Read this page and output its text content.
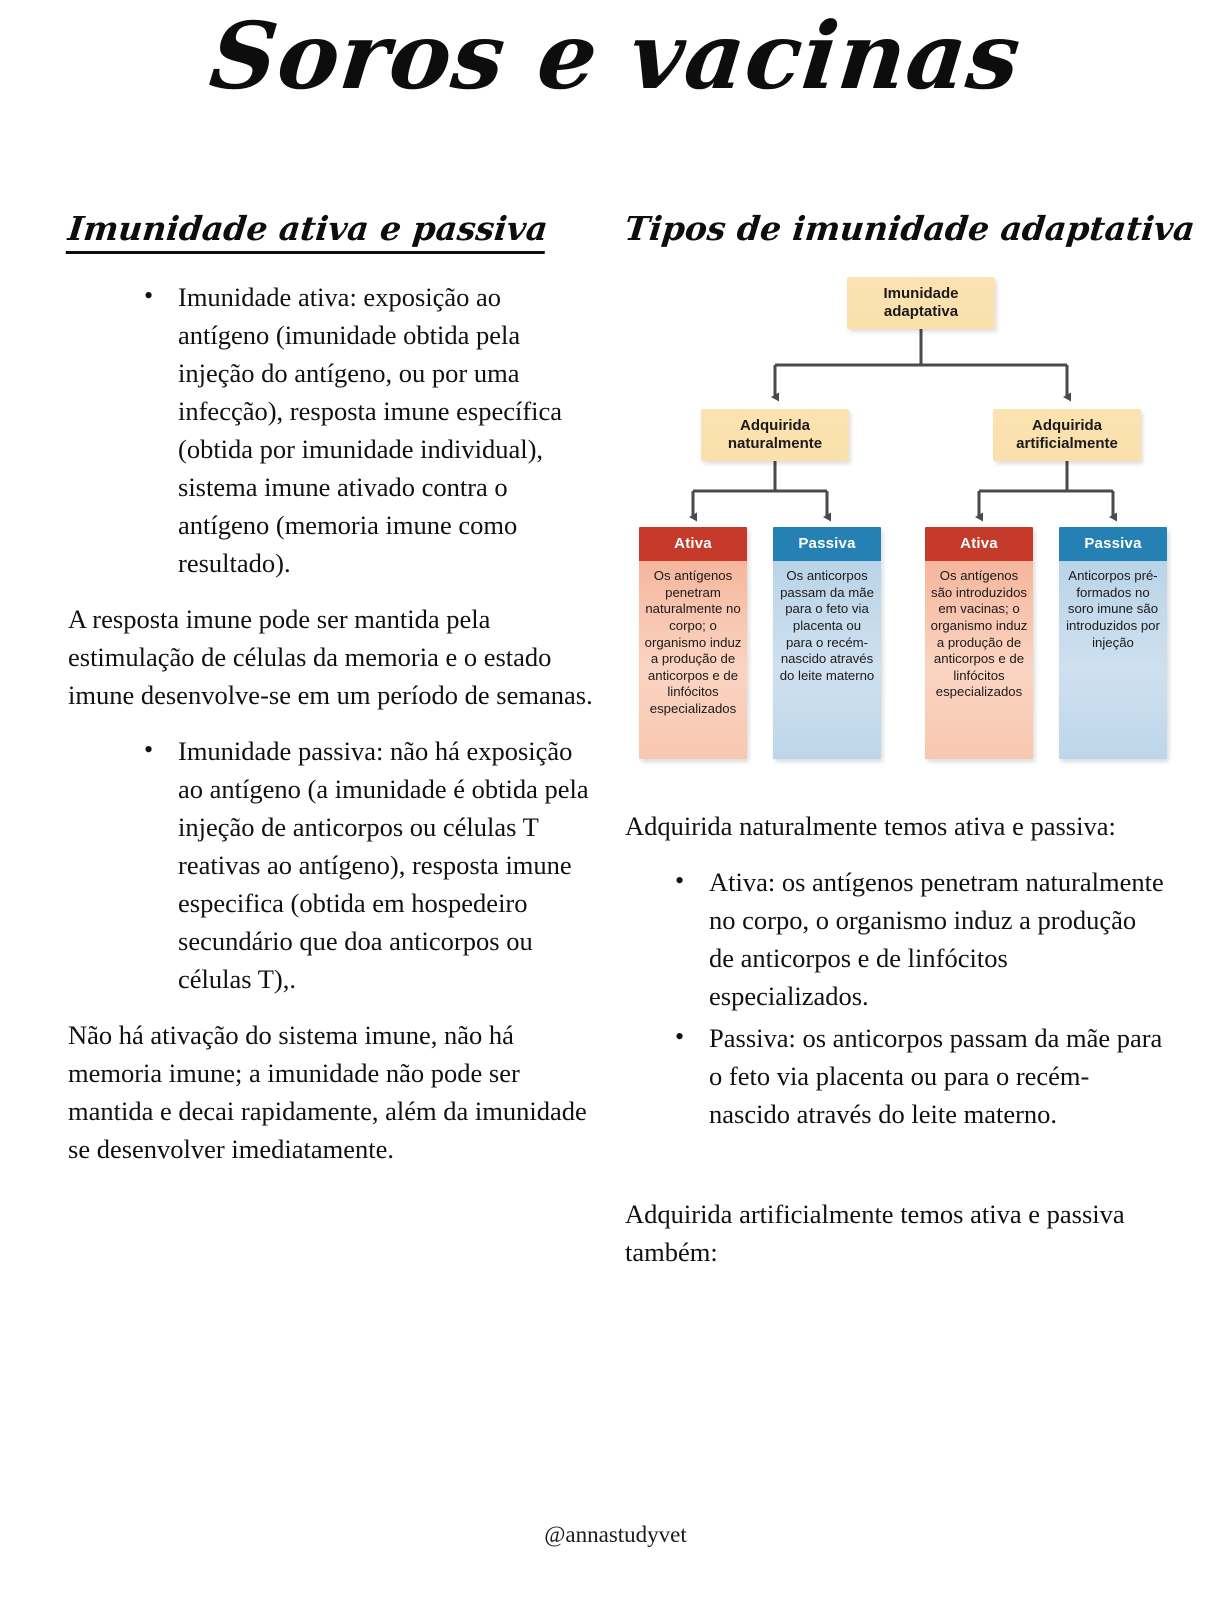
Soros e vacinas
Imunidade ativa e passiva
• Imunidade ativa: exposição ao antígeno (imunidade obtida pela injeção do antígeno, ou por uma infecção), resposta imune específica (obtida por imunidade individual), sistema imune ativado contra o antígeno (memoria imune como resultado).

A resposta imune pode ser mantida pela estimulação de células da memoria e o estado imune desenvolve-se em um período de semanas.

• Imunidade passiva: não há exposição ao antígeno (a imunidade é obtida pela injeção de anticorpos ou células T reativas ao antígeno), resposta imune especifica (obtida em hospedeiro secundário que doa anticorpos ou células T),.

Não há ativação do sistema imune, não há memoria imune; a imunidade não pode ser mantida e decai rapidamente, além da imunidade se desenvolver imediatamente.

Tipos de imunidade adaptativa
Imunidade adaptativa
Adquirida naturalmente
Adquirida artificialmente
Ativa
Os antígenos penetram naturalmente no corpo; o organismo induz a produção de anticorpos e de linfócitos especializados
Passiva
Os anticorpos passam da mãe para o feto via placenta ou para o recém-nascido através do leite materno
Ativa
Os antígenos são introduzidos em vacinas; o organismo induz a produção de anticorpos e de linfócitos especializados
Passiva
Anticorpos pré-formados no soro imune são introduzidos por injeção

Adquirida naturalmente temos ativa e passiva:

• Ativa: os antígenos penetram naturalmente no corpo, o organismo induz a produção de anticorpos e de linfócitos especializados.
• Passiva: os anticorpos passam da mãe para o feto via placenta ou para o recém-nascido através do leite materno.

Adquirida artificialmente temos ativa e passiva também:

@annastudyvet
